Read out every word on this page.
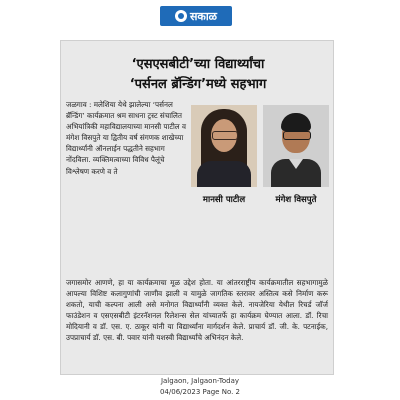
सकाळ
‘एसएसबीटी’च्या विद्यार्थ्यांचा
‘पर्सनल ब्रॅन्डिंग’मध्ये सहभाग
जळगाव : मलेशिया येथे झालेल्या ‘पर्सनल ब्रॅन्डिंग’ कार्यक्रमात श्रम साधना ट्रस्ट संचालित अभियांत्रिकी महाविद्यालयाच्या मानसी पाटील व मंगेश विसपुते या द्वितीय वर्ष संगणक शाखेच्या विद्यार्थ्यांनी ऑनलाईन पद्धतीने सहभाग नोंदविला. व्यक्तिमत्वाच्या विविध पैलूंचे विश्लेषण करणे व ते
मानसी पाटील	मंगेश विसपुते
जगासमोर आणणे, हा या कार्यक्रमाचा मूळ उद्देश होता. या आंतरराष्ट्रीय कार्यक्रमातील सहभागामुळे आपल्या विशिष्ट कलागुणांची जाणीव झाली व यामुळे जागतिक स्तरावर अस्तित्व कसे निर्माण करू शकतो, याची कल्पना आली असे मनोगत विद्यार्थ्यांनी व्यक्त केले. नायजेरिया येथील रिचर्ड जॉर्ज फाउंडेशन व एसएसबीटी इंटरनॅशनल रिलेशन्स सेल यांच्यातर्फे हा कार्यक्रम घेण्यात आला. डॉ. रिचा मोदियानी व डॉ. एस. ए. ठाकूर यांनी या विद्यार्थ्यांना मार्गदर्शन केले. प्राचार्य डॉ. जी. के. पटनाईक, उपप्राचार्य डॉ. एस. बी. पवार यांनी यशस्वी विद्यार्थ्यांचे अभिनंदन केले.
Jalgaon, Jalgaon-Today
04/06/2023 Page No. 2
